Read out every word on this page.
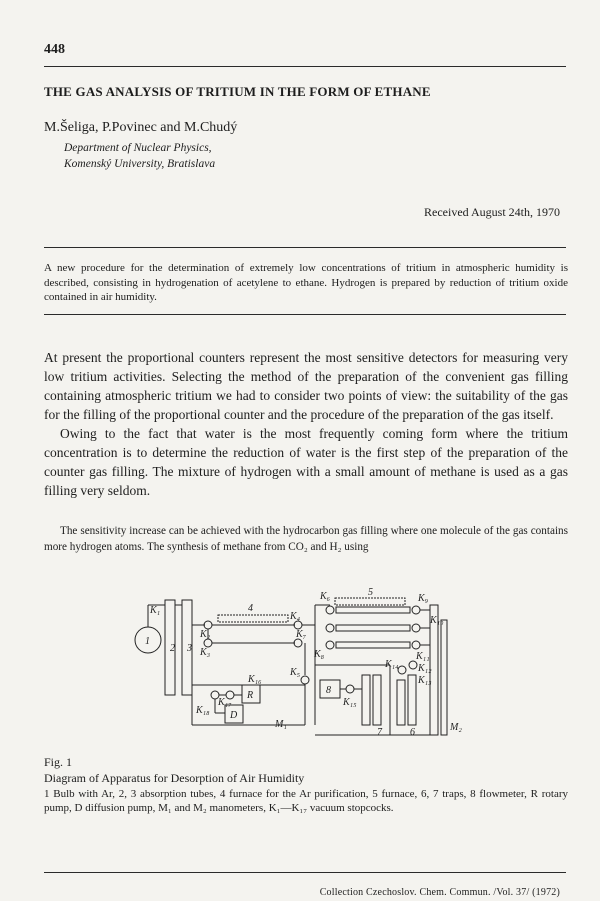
448
THE GAS ANALYSIS OF TRITIUM IN THE FORM OF ETHANE
M.Šeliga, P.Povinec and M.Chudý
Department of Nuclear Physics,
Komenský University, Bratislava
Received August 24th, 1970
A new procedure for the determination of extremely low concentrations of tritium in atmospheric humidity is described, consisting in hydrogenation of acetylene to ethane. Hydrogen is prepared by reduction of tritium oxide contained in air humidity.

At present the proportional counters represent the most sensitive detectors for measuring very low tritium activities. Selecting the method of the preparation of the convenient gas filling containing atmospheric tritium we had to consider two points of view: the suitability of the gas for the filling of the proportional counter and the procedure of the preparation of the gas itself.

Owing to the fact that water is the most frequently coming form where the tritium concentration is to determine the reduction of water is the first step of the preparation of the counter gas filling. The mixture of hydrogen with a small amount of methane is used as a gas filling very seldom.

The sensitivity increase can be achieved with the hydrocarbon gas filling where one molecule of the gas contains more hydrogen atoms. The synthesis of methane from CO₂ and H₂ using

1
2 3
4
5
6
7
8
R
D
M₁	M₂
K₁
K₂
K₃
K₄
K₅
K₆
K₇
K₈
K₉
K₁₀
K₁₁
K₁₂
K₁₃
K₁₄
K₁₅
K₁₆
K₁₇
K₁₈
Fig. 1
Diagram of Apparatus for Desorption of Air Humidity
1 Bulb with Ar, 2, 3 absorption tubes, 4 furnace for the Ar purification, 5 furnace, 6, 7 traps, 8 flowmeter, R rotary pump, D diffusion pump, M₁ and M₂ manometers, K₁—K₁₇ vacuum stopcocks.
Collection Czechoslov. Chem. Commun. /Vol. 37/ (1972)
